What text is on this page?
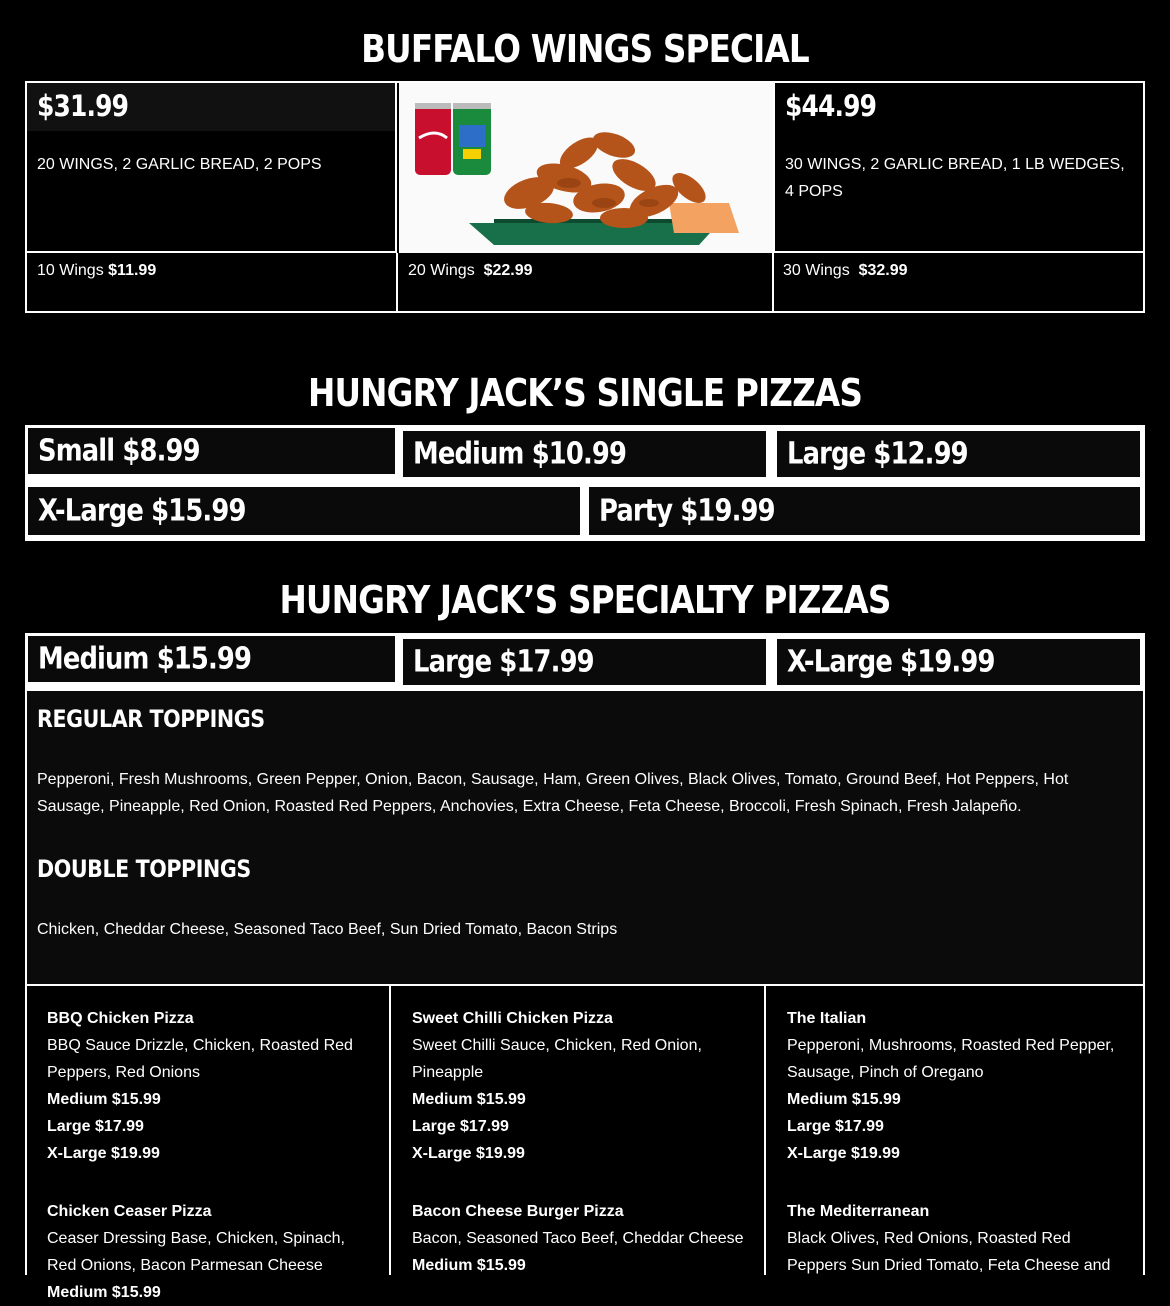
BUFFALO WINGS SPECIAL
$31.99
20 WINGS, 2 GARLIC BREAD, 2 POPS
$44.99
30 WINGS, 2 GARLIC BREAD, 1 LB WEDGES, 4 POPS
10 Wings $11.99	20 Wings $22.99	30 Wings $32.99
HUNGRY JACK’S SINGLE PIZZAS
Small $8.99	Medium $10.99	Large $12.99
X-Large $15.99	Party $19.99
HUNGRY JACK’S SPECIALTY PIZZAS
Medium $15.99	Large $17.99	X-Large $19.99
REGULAR TOPPINGS
Pepperoni, Fresh Mushrooms, Green Pepper, Onion, Bacon, Sausage, Ham, Green Olives, Black Olives, Tomato, Ground Beef, Hot Peppers, Hot Sausage, Pineapple, Red Onion, Roasted Red Peppers, Anchovies, Extra Cheese, Feta Cheese, Broccoli, Fresh Spinach, Fresh Jalapeño.
DOUBLE TOPPINGS
Chicken, Cheddar Cheese, Seasoned Taco Beef, Sun Dried Tomato, Bacon Strips
BBQ Chicken Pizza
BBQ Sauce Drizzle, Chicken, Roasted Red Peppers, Red Onions
Medium $15.99
Large $17.99
X-Large $19.99
Chicken Ceaser Pizza
Ceaser Dressing Base, Chicken, Spinach, Red Onions, Bacon Parmesan Cheese
Medium $15.99
Sweet Chilli Chicken Pizza
Sweet Chilli Sauce, Chicken, Red Onion, Pineapple
Medium $15.99
Large $17.99
X-Large $19.99
Bacon Cheese Burger Pizza
Bacon, Seasoned Taco Beef, Cheddar Cheese
Medium $15.99
The Italian
Pepperoni, Mushrooms, Roasted Red Pepper, Sausage, Pinch of Oregano
Medium $15.99
Large $17.99
X-Large $19.99
The Mediterranean
Black Olives, Red Onions, Roasted Red Peppers Sun Dried Tomato, Feta Cheese and
